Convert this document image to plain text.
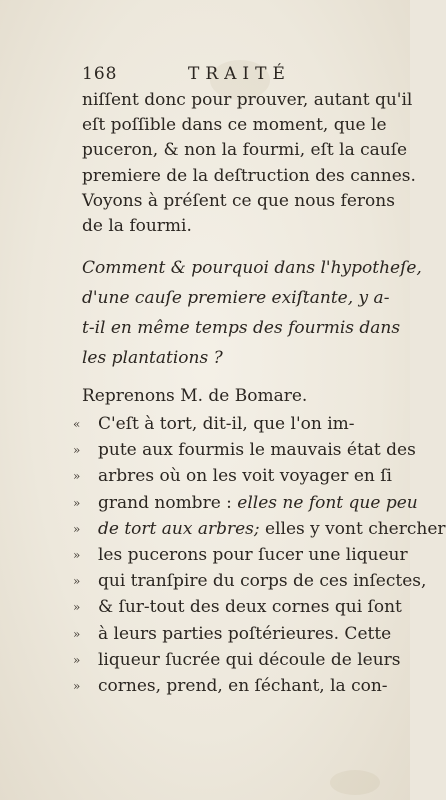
168	TRAITÉ
niſſent donc pour prouver, autant qu'il
eſt poſſible dans ce moment, que le
puceron, & non la fourmi, eſt la cauſe
premiere de la deſtruction des cannes.
Voyons à préſent ce que nous ferons
de la fourmi.
Comment & pourquoi dans l'hypotheſe,
d'une cauſe premiere exiſtante, y a-
t-il en même temps des fourmis dans
les plantations ?
Reprenons M. de Bomare.
«	C'eſt à tort, dit-il, que l'on im-
»	pute aux fourmis le mauvais état des
»	arbres où on les voit voyager en ſi
»	grand nombre : elles ne font que peu
»	de tort aux arbres; elles y vont chercher
»	les pucerons pour ſucer une liqueur
»	qui tranſpire du corps de ces inſectes,
»	& ſur-tout des deux cornes qui ſont
»	à leurs parties poſtérieures. Cette
»	liqueur ſucrée qui découle de leurs
»	cornes, prend, en ſéchant, la con-
